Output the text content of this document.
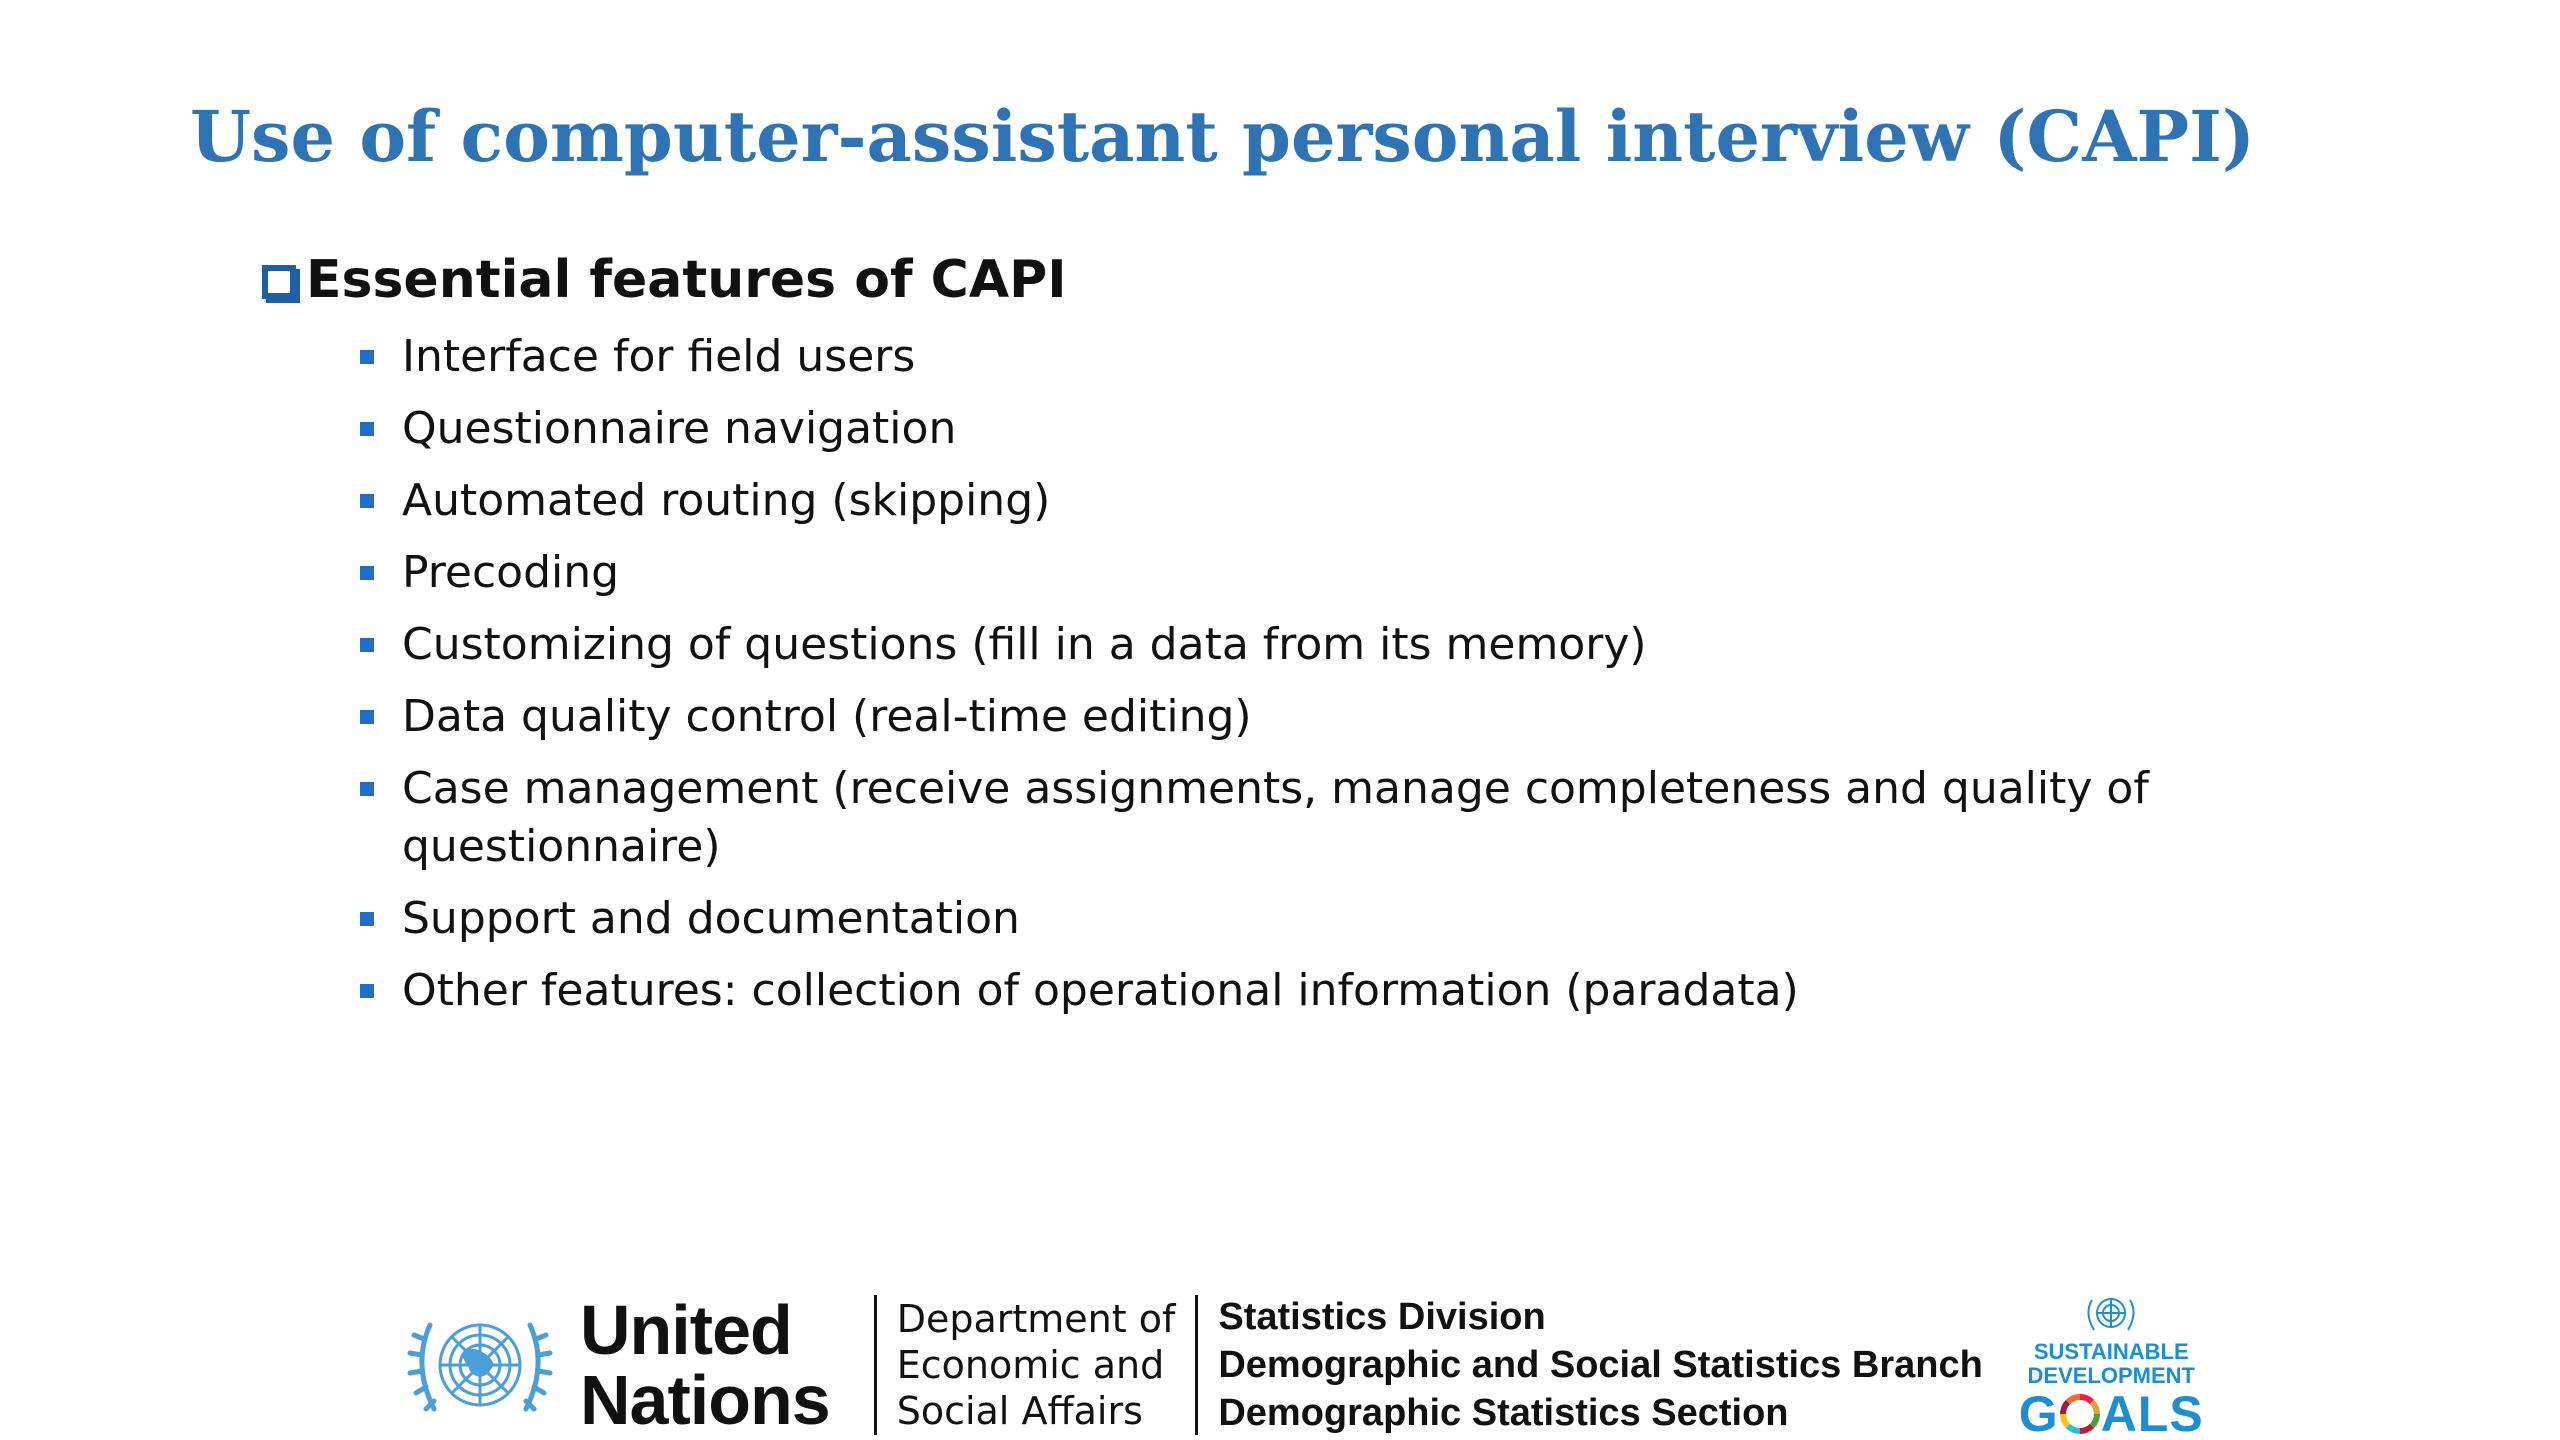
Use of computer-assistant personal interview (CAPI)
Essential features of CAPI
Interface for field users
Questionnaire navigation
Automated routing (skipping)
Precoding
Customizing of questions (fill in a data from its memory)
Data quality control (real-time editing)
Case management (receive assignments, manage completeness and quality of questionnaire)
Support and documentation
Other features: collection of operational information (paradata)
United
Nations
Department of
Economic and
Social Affairs
Statistics Division
Demographic and Social Statistics Branch
Demographic Statistics Section
SUSTAINABLE
DEVELOPMENT
G ALS
